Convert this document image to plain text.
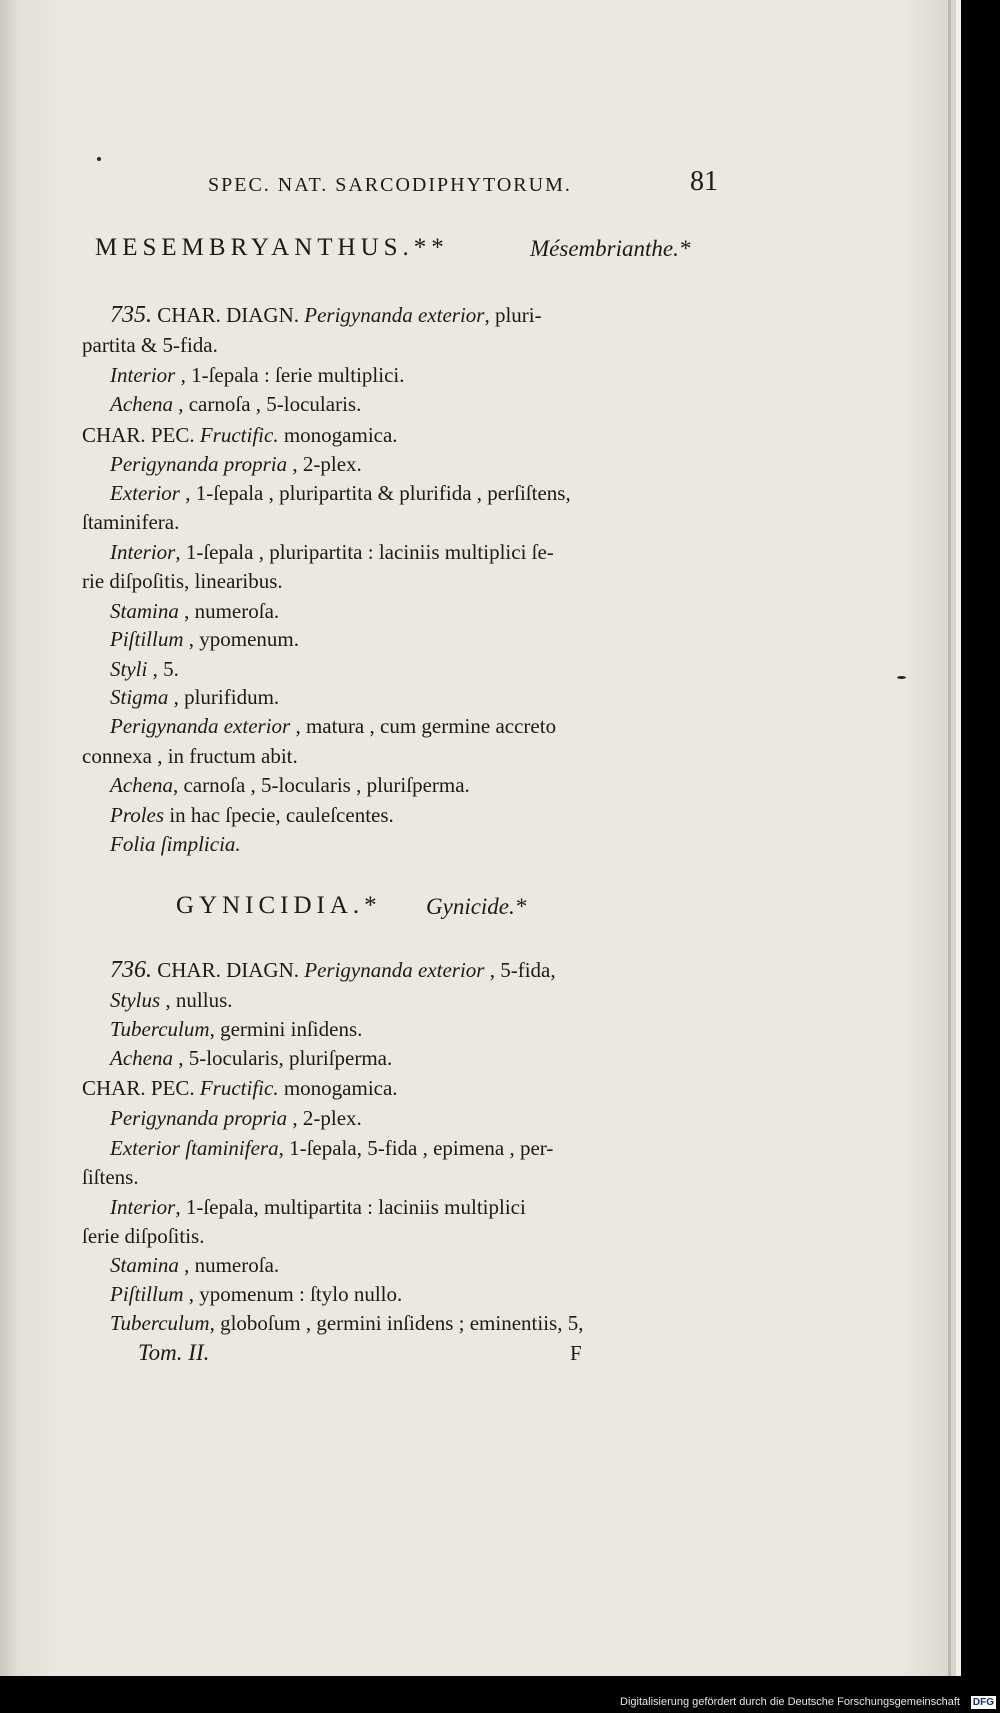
SPEC. NAT. SARCODIPHYTORUM.	81
MESEMBRYANTHUS.**	Mésembrianthe.*
735. CHAR. DIAGN. Perigynanda exterior, pluri-
partita & 5-fida.
Interior , 1-ſepala : ſerie multiplici.
Achena , carnoſa , 5-locularis.
CHAR. PEC. Fructific. monogamica.
Perigynanda propria , 2-plex.
Exterior , 1-ſepala , pluripartita & plurifida , perſiſtens,
ſtaminifera.
Interior, 1-ſepala , pluripartita : laciniis multiplici ſe-
rie diſpoſitis, linearibus.
Stamina , numeroſa.
Piſtillum , ypomenum.
Styli , 5.
Stigma , plurifidum.
Perigynanda exterior , matura , cum germine accreto
connexa , in fructum abit.
Achena, carnoſa , 5-locularis , pluriſperma.
Proles in hac ſpecie, cauleſcentes.
Folia ſimplicia.
GYNICIDIA.* Gynicide.*
736. CHAR. DIAGN. Perigynanda exterior , 5-fida,
Stylus , nullus.
Tuberculum, germini inſidens.
Achena , 5-locularis, pluriſperma.
CHAR. PEC. Fructific. monogamica.
Perigynanda propria , 2-plex.
Exterior ſtaminifera, 1-ſepala, 5-fida , epimena , per-
ſiſtens.
Interior, 1-ſepala, multipartita : laciniis multiplici
ſerie diſpoſitis.
Stamina , numeroſa.
Piſtillum , ypomenum : ſtylo nullo.
Tuberculum, globoſum , germini inſidens ; eminentiis, 5,
Tom. II.	F
Digitalisierung gefördert durch die Deutsche Forschungsgemeinschaft DFG
